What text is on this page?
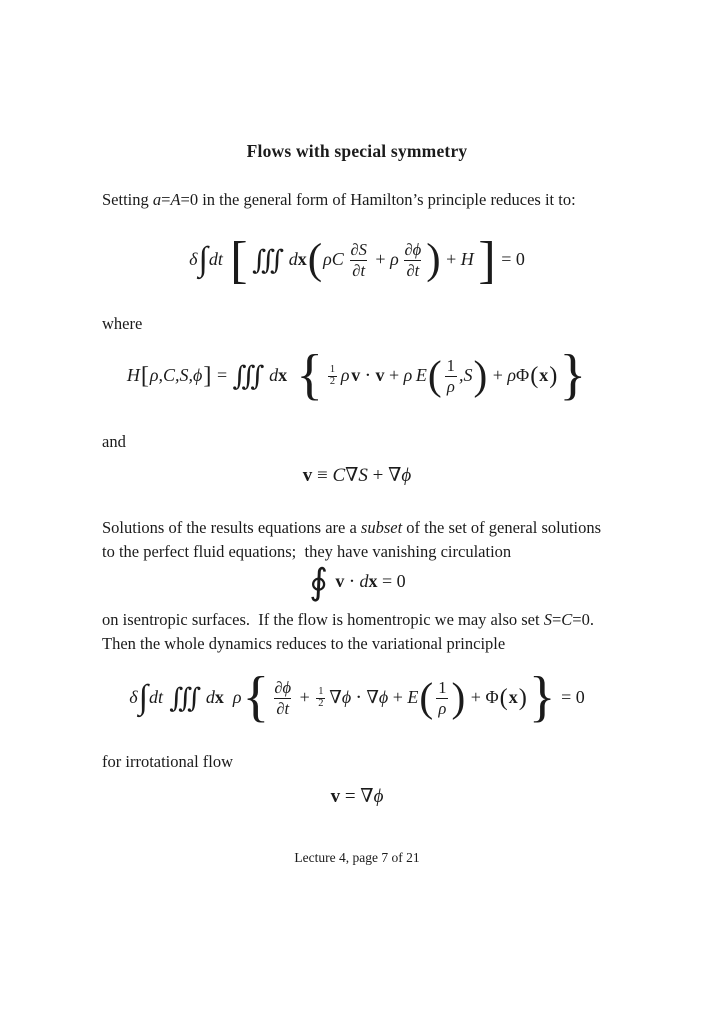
Flows with special symmetry

Setting a=A=0 in the general form of Hamilton’s principle reduces it to:

δ ∫ dt [ ∭ d x ( ρC $\frac{\partial S}{\partial t} + \rho \frac{\partial\phi}{\partial t}$ ) + H ] = 0

where

H [ ρ,C,S,ϕ ] = ∭ d x { $\frac{1}{2}$ ρ v ⋅ v + ρ E ( $\frac{1}{\rho} ,S$ ) + ρ Φ ( x ) }

and

v ≡ C ∇ S + ∇ ϕ

Solutions of the results equations are a subset of the set of general solutions to the perfect fluid equations;  they have vanishing circulation

∮ v ⋅ d x = 0

on isentropic surfaces.  If the flow is homentropic we may also set S=C=0.   Then the whole dynamics reduces to the variational principle

δ ∫ dt ∭ d x ρ { $\frac{\partial\phi}{\partial t} + \frac{1}{2}$ ∇ ϕ ⋅ ∇ ϕ + E ( $\frac{1}{\rho}$ ) + Φ ( x ) } = 0

for irrotational flow

v = ∇ ϕ
Lecture 4, page 7 of 21
